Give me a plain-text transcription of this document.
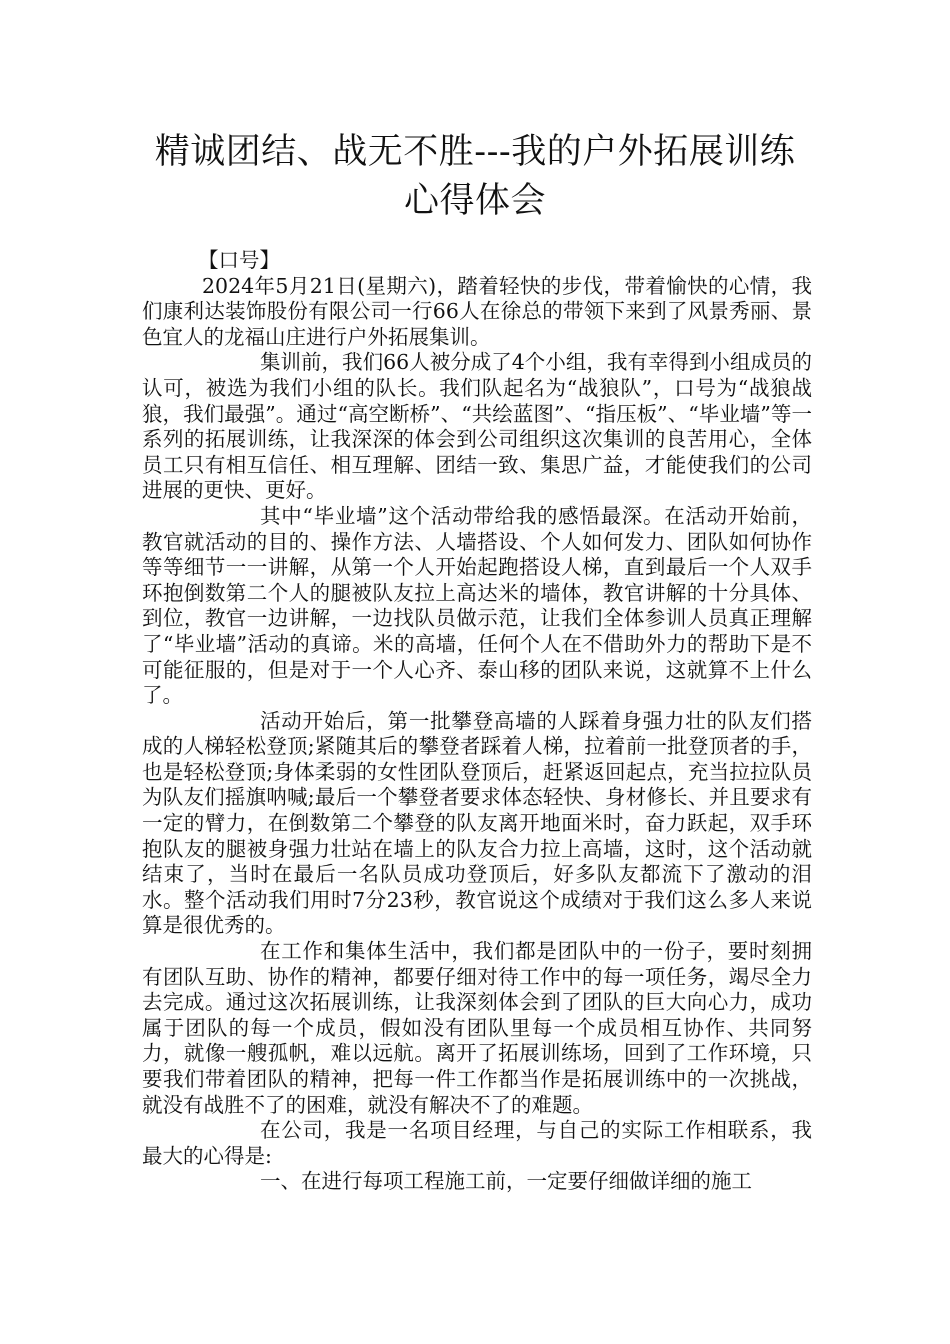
精诚团结、战无不胜---我的户外拓展训练
心得体会

【口号】

2024年5月21日(星期六)，踏着轻快的步伐，带着愉快的心情，我们康利达装饰股份有限公司一行66人在徐总的带领下来到了风景秀丽、景色宜人的龙福山庄进行户外拓展集训。

集训前，我们66人被分成了4个小组，我有幸得到小组成员的认可，被选为我们小组的队长。我们队起名为“战狼队”，口号为“战狼战狼，我们最强”。通过“高空断桥”、“共绘蓝图”、“指压板”、“毕业墙”等一系列的拓展训练，让我深深的体会到公司组织这次集训的良苦用心，全体员工只有相互信任、相互理解、团结一致、集思广益，才能使我们的公司进展的更快、更好。

其中“毕业墙”这个活动带给我的感悟最深。在活动开始前，教官就活动的目的、操作方法、人墙搭设、个人如何发力、团队如何协作等等细节一一讲解，从第一个人开始起跑搭设人梯，直到最后一个人双手环抱倒数第二个人的腿被队友拉上高达米的墙体，教官讲解的十分具体、到位，教官一边讲解，一边找队员做示范，让我们全体参训人员真正理解了“毕业墙”活动的真谛。米的高墙，任何个人在不借助外力的帮助下是不可能征服的，但是对于一个人心齐、泰山移的团队来说，这就算不上什么了。

活动开始后，第一批攀登高墙的人踩着身强力壮的队友们搭成的人梯轻松登顶;紧随其后的攀登者踩着人梯，拉着前一批登顶者的手，也是轻松登顶;身体柔弱的女性团队登顶后，赶紧返回起点，充当拉拉队员为队友们摇旗呐喊;最后一个攀登者要求体态轻快、身材修长、并且要求有一定的臂力，在倒数第二个攀登的队友离开地面米时，奋力跃起，双手环抱队友的腿被身强力壮站在墙上的队友合力拉上高墙，这时，这个活动就结束了，当时在最后一名队员成功登顶后，好多队友都流下了激动的泪水。整个活动我们用时7分23秒，教官说这个成绩对于我们这么多人来说算是很优秀的。

在工作和集体生活中，我们都是团队中的一份子，要时刻拥有团队互助、协作的精神，都要仔细对待工作中的每一项任务，竭尽全力去完成。通过这次拓展训练，让我深刻体会到了团队的巨大向心力，成功属于团队的每一个成员，假如没有团队里每一个成员相互协作、共同努力，就像一艘孤帆，难以远航。离开了拓展训练场，回到了工作环境，只要我们带着团队的精神，把每一件工作都当作是拓展训练中的一次挑战，就没有战胜不了的困难，就没有解决不了的难题。

在公司，我是一名项目经理，与自己的实际工作相联系，我最大的心得是:

一、在进行每项工程施工前，一定要仔细做详细的施工
